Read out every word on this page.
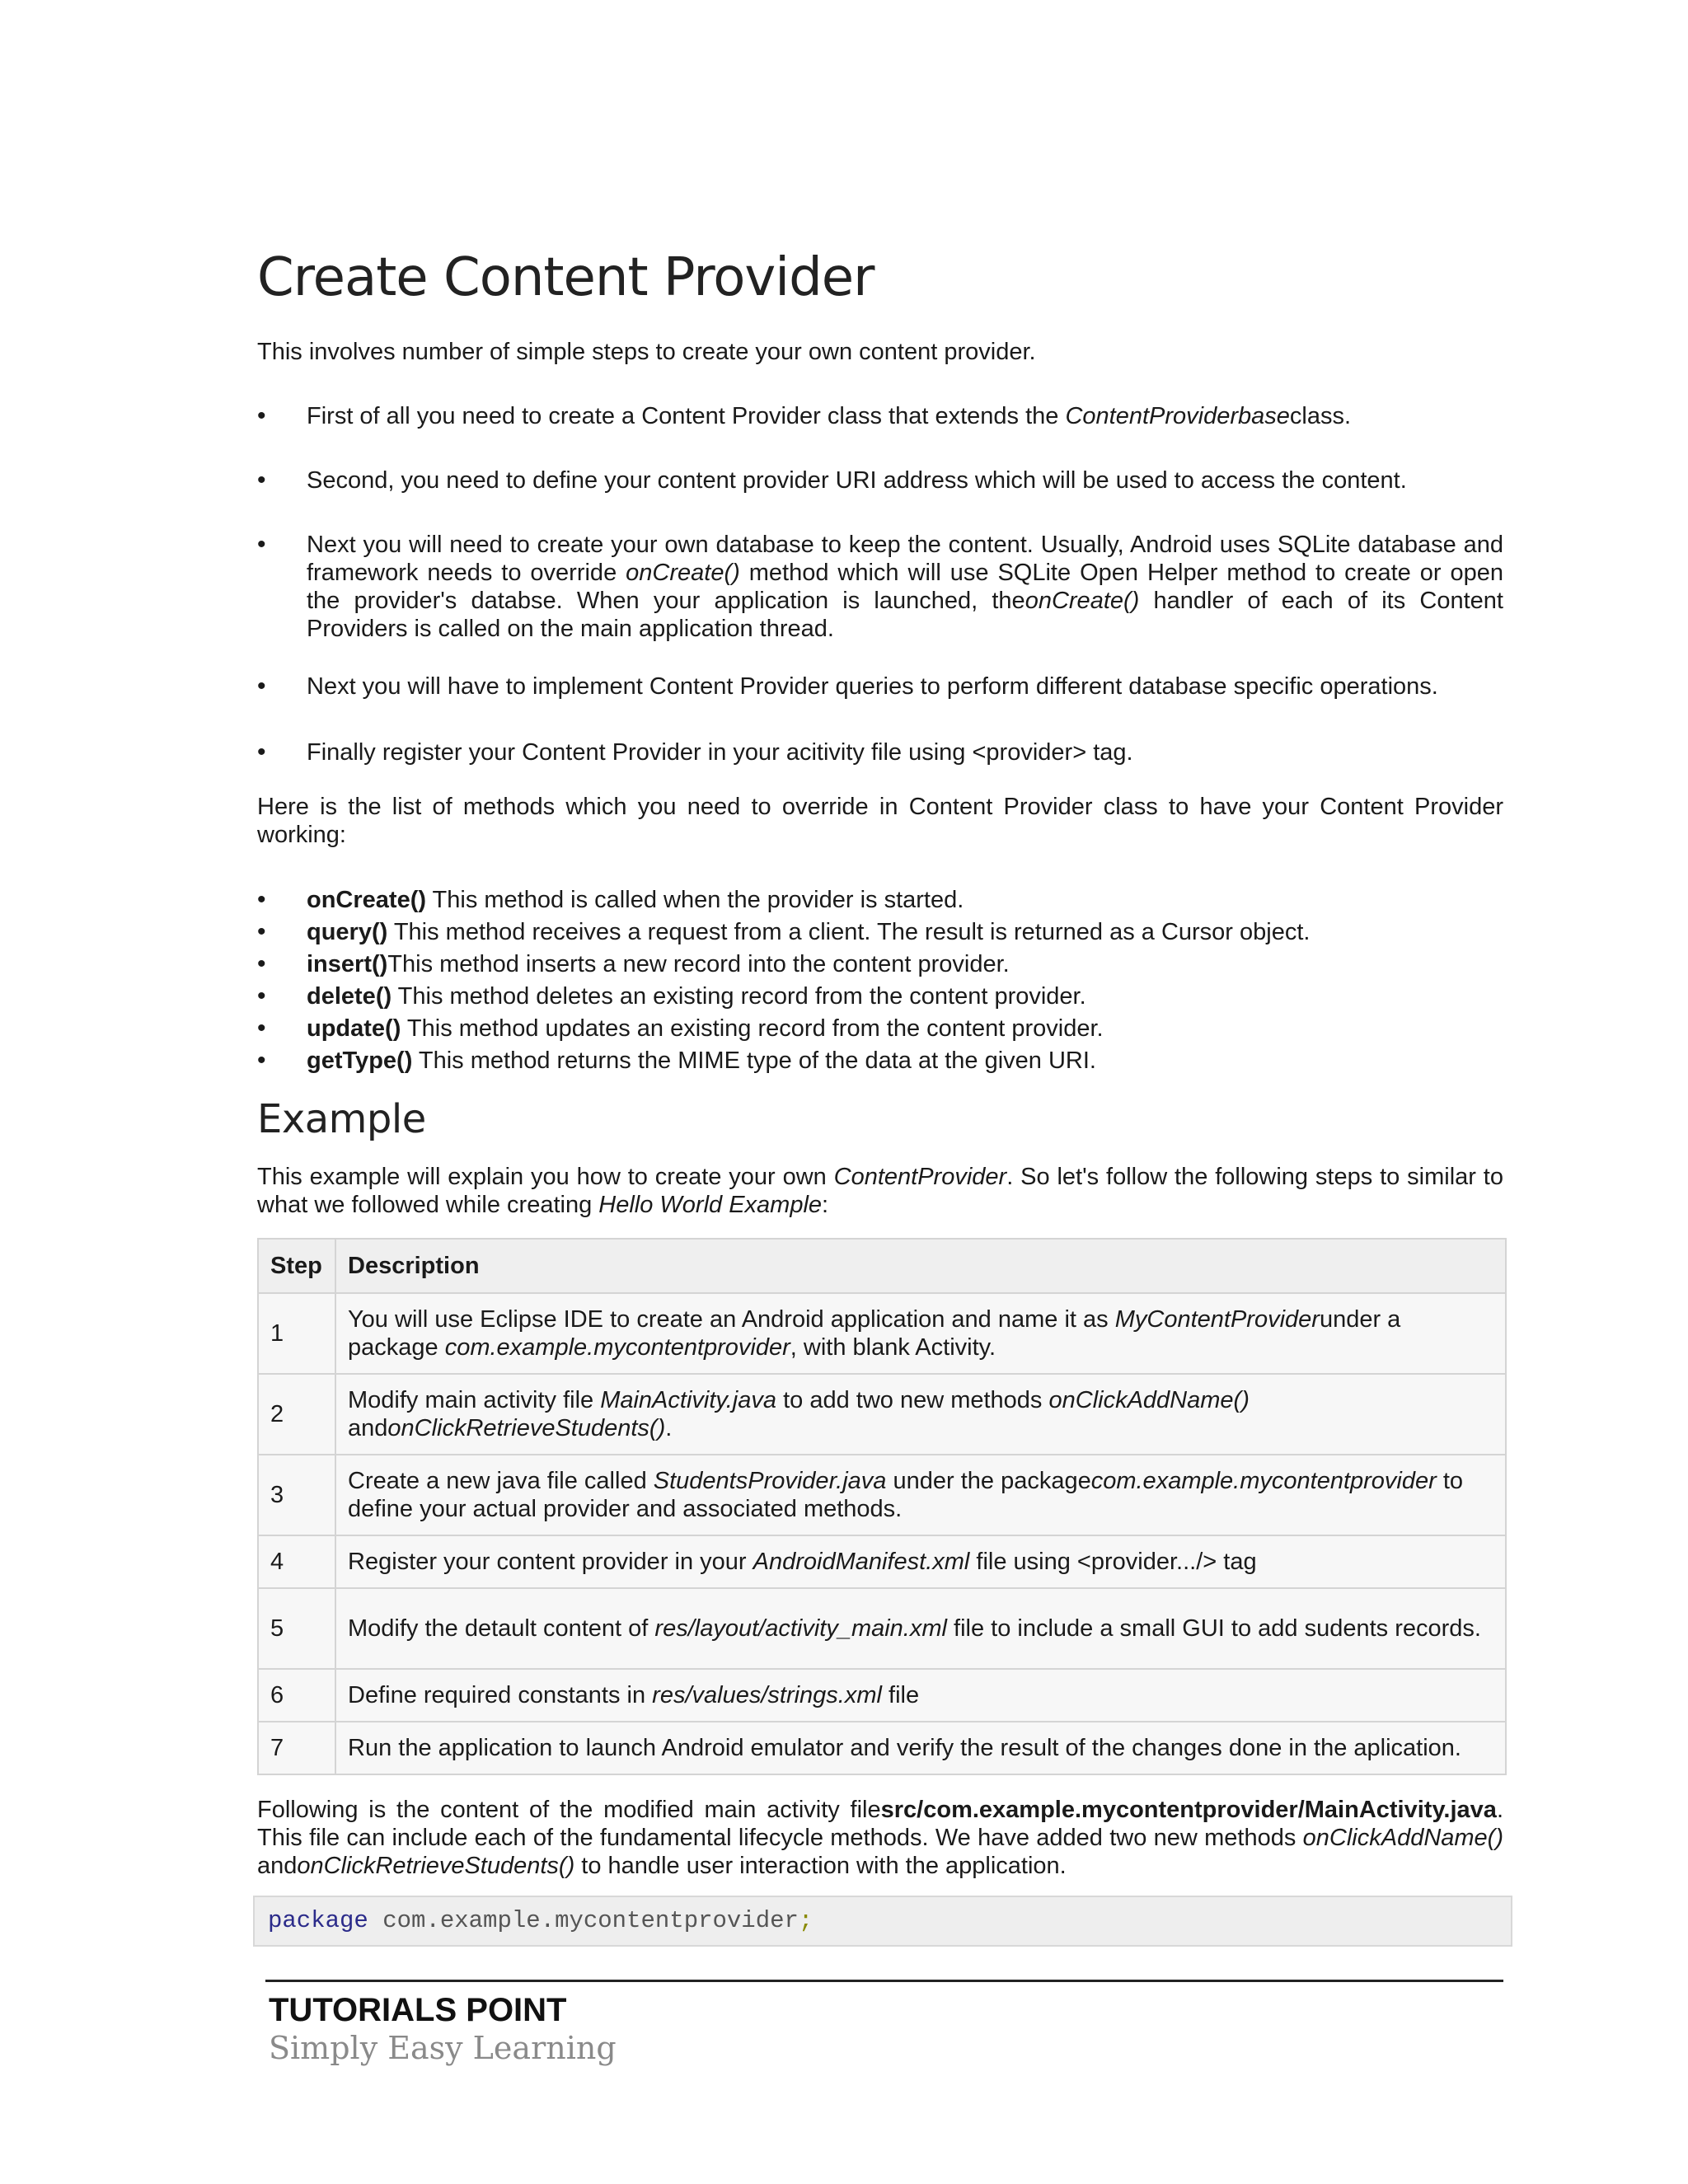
Create Content Provider

This involves number of simple steps to create your own content provider.

• First of all you need to create a Content Provider class that extends the ContentProviderbaseclass.
• Second, you need to define your content provider URI address which will be used to access the content.
• Next you will need to create your own database to keep the content. Usually, Android uses SQLite database and framework needs to override onCreate() method which will use SQLite Open Helper method to create or open the provider's databse. When your application is launched, theonCreate() handler of each of its Content Providers is called on the main application thread.
• Next you will have to implement Content Provider queries to perform different database specific operations.
• Finally register your Content Provider in your acitivity file using <provider> tag.

Here is the list of methods which you need to override in Content Provider class to have your Content Provider working:

• onCreate() This method is called when the provider is started.
• query() This method receives a request from a client. The result is returned as a Cursor object.
• insert()This method inserts a new record into the content provider.
• delete() This method deletes an existing record from the content provider.
• update() This method updates an existing record from the content provider.
• getType() This method returns the MIME type of the data at the given URI.
Example

This example will explain you how to create your own ContentProvider. So let's follow the following steps to similar to what we followed while creating Hello World Example:

Step	Description
1	You will use Eclipse IDE to create an Android application and name it as MyContentProviderunder a package com.example.mycontentprovider, with blank Activity.
2	Modify main activity file MainActivity.java to add two new methods onClickAddName() andonClickRetrieveStudents().
3	Create a new java file called StudentsProvider.java under the packagecom.example.mycontentprovider to define your actual provider and associated methods.
4	Register your content provider in your AndroidManifest.xml file using <provider.../> tag
5	Modify the detault content of res/layout/activity_main.xml file to include a small GUI to add sudents records.
6	Define required constants in res/values/strings.xml file
7	Run the application to launch Android emulator and verify the result of the changes done in the aplication.

Following is the content of the modified main activity filesrc/com.example.mycontentprovider/MainActivity.java. This file can include each of the fundamental lifecycle methods. We have added two new methods onClickAddName() andonClickRetrieveStudents() to handle user interaction with the application.

package com.example.mycontentprovider;
TUTORIALS POINT
Simply Easy Learning
